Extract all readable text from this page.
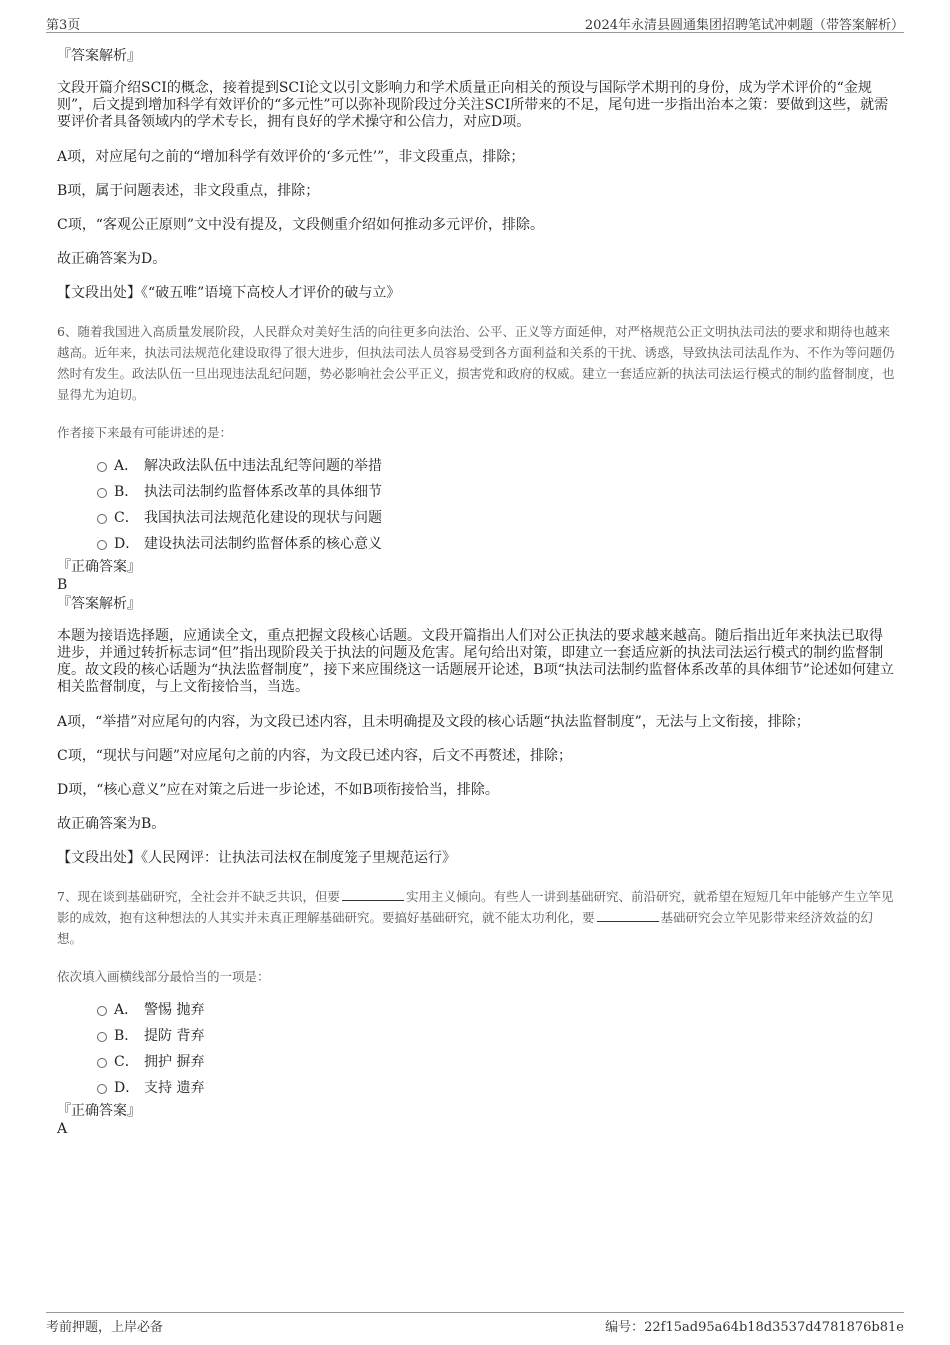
第3页	2024年永清县圆通集团招聘笔试冲刺题（带答案解析）

『答案解析』

文段开篇介绍SCI的概念，接着提到SCI论文以引文影响力和学术质量正向相关的预设与国际学术期刊的身份，成为学术评价的“金规则”，后文提到增加科学有效评价的“多元性”可以弥补现阶段过分关注SCI所带来的不足，尾句进一步指出治本之策：要做到这些，就需要评价者具备领域内的学术专长，拥有良好的学术操守和公信力，对应D项。

A项，对应尾句之前的“增加科学有效评价的‘多元性’”，非文段重点，排除；

B项，属于问题表述，非文段重点，排除；

C项，“客观公正原则”文中没有提及，文段侧重介绍如何推动多元评价，排除。

故正确答案为D。

【文段出处】《“破五唯”语境下高校人才评价的破与立》

6、随着我国进入高质量发展阶段，人民群众对美好生活的向往更多向法治、公平、正义等方面延伸，对严格规范公正文明执法司法的要求和期待也越来越高。近年来，执法司法规范化建设取得了很大进步，但执法司法人员容易受到各方面利益和关系的干扰、诱惑，导致执法司法乱作为、不作为等问题仍然时有发生。政法队伍一旦出现违法乱纪问题，势必影响社会公平正义，损害党和政府的权威。建立一套适应新的执法司法运行模式的制约监督制度，也显得尤为迫切。

作者接下来最有可能讲述的是：

A． 解决政法队伍中违法乱纪等问题的举措
B． 执法司法制约监督体系改革的具体细节
C． 我国执法司法规范化建设的现状与问题
D． 建设执法司法制约监督体系的核心意义

『正确答案』

B

『答案解析』

本题为接语选择题，应通读全文，重点把握文段核心话题。文段开篇指出人们对公正执法的要求越来越高。随后指出近年来执法已取得进步，并通过转折标志词“但”指出现阶段关于执法的问题及危害。尾句给出对策，即建立一套适应新的执法司法运行模式的制约监督制度。故文段的核心话题为“执法监督制度”，接下来应围绕这一话题展开论述，B项“执法司法制约监督体系改革的具体细节”论述如何建立相关监督制度，与上文衔接恰当，当选。

A项，“举措”对应尾句的内容，为文段已述内容，且未明确提及文段的核心话题“执法监督制度”，无法与上文衔接，排除；

C项，“现状与问题”对应尾句之前的内容，为文段已述内容，后文不再赘述，排除；

D项，“核心意义”应在对策之后进一步论述，不如B项衔接恰当，排除。

故正确答案为B。

【文段出处】《人民网评：让执法司法权在制度笼子里规范运行》

7、现在谈到基础研究，全社会并不缺乏共识，但要	实用主义倾向。有些人一讲到基础研究、前沿研究，就希望在短短几年中能够产生立竿见影的成效，抱有这种想法的人其实并未真正理解基础研究。要搞好基础研究，就不能太功利化，要	基础研究会立竿见影带来经济效益的幻想。

依次填入画横线部分最恰当的一项是：

A． 警惕 抛弃
B． 提防 背弃
C． 拥护 摒弃
D． 支持 遗弃

『正确答案』

A

考前押题，上岸必备	编号：22f15ad95a64b18d3537d4781876b81e
